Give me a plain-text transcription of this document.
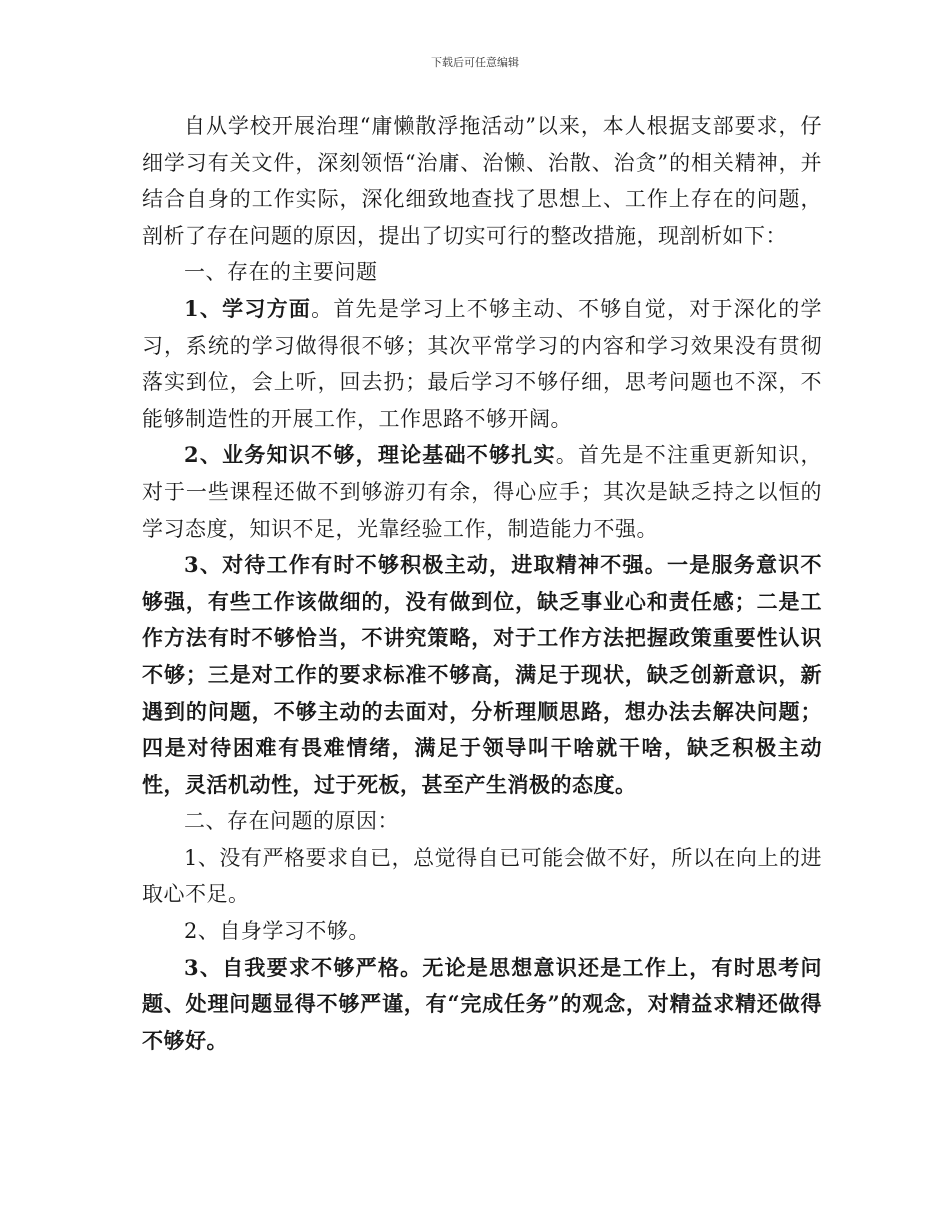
下载后可任意编辑

自从学校开展治理“庸懒散浮拖活动”以来，本人根据支部要求，仔细学习有关文件，深刻领悟“治庸、治懒、治散、治贪”的相关精神，并结合自身的工作实际，深化细致地查找了思想上、工作上存在的问题，剖析了存在问题的原因，提出了切实可行的整改措施，现剖析如下：

一、存在的主要问题

1、学习方面。首先是学习上不够主动、不够自觉，对于深化的学习，系统的学习做得很不够；其次平常学习的内容和学习效果没有贯彻落实到位，会上听，回去扔；最后学习不够仔细，思考问题也不深，不能够制造性的开展工作，工作思路不够开阔。

2、业务知识不够，理论基础不够扎实。首先是不注重更新知识，对于一些课程还做不到够游刃有余，得心应手；其次是缺乏持之以恒的学习态度，知识不足，光靠经验工作，制造能力不强。

3、对待工作有时不够积极主动，进取精神不强。一是服务意识不够强，有些工作该做细的，没有做到位，缺乏事业心和责任感；二是工作方法有时不够恰当，不讲究策略，对于工作方法把握政策重要性认识不够；三是对工作的要求标准不够高，满足于现状，缺乏创新意识，新遇到的问题，不够主动的去面对，分析理顺思路，想办法去解决问题；四是对待困难有畏难情绪，满足于领导叫干啥就干啥，缺乏积极主动性，灵活机动性，过于死板，甚至产生消极的态度。

二、存在问题的原因：

1、没有严格要求自已，总觉得自已可能会做不好，所以在向上的进取心不足。

2、自身学习不够。

3、自我要求不够严格。无论是思想意识还是工作上，有时思考问题、处理问题显得不够严谨，有“完成任务”的观念，对精益求精还做得不够好。
